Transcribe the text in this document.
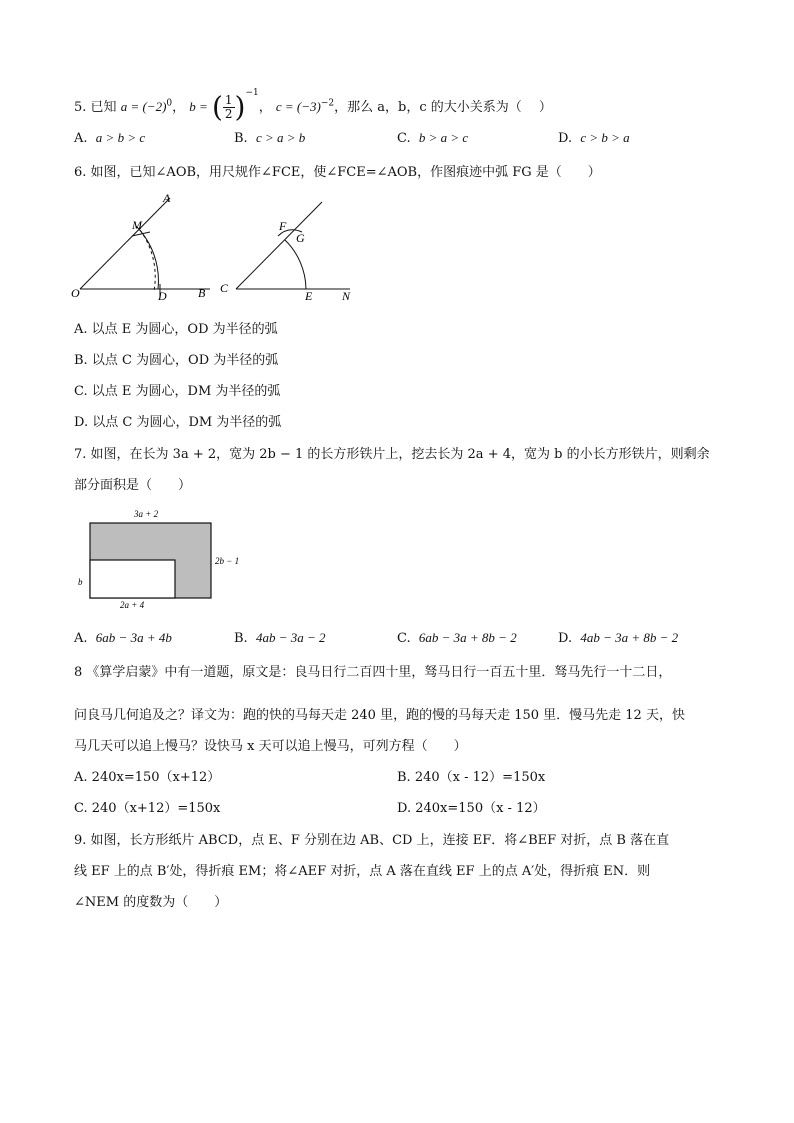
5. 已知 $a = (-2)^0$， b = ( $\frac{1}{2} )^{-1}$， $c = (-3)^{-2}$，那么 a，b，c 的大小关系为（　 ）
A. a > b > c	B. c > a > b	C. b > a > c	D. c > b > a
6. 如图，已知∠AOB，用尺规作∠FCE，使∠FCE=∠AOB，作图痕迹中弧 FG 是（　　）
A
M
O	D	B
F
G
C
E N
A. 以点 E 为圆心，OD 为半径的弧
B. 以点 C 为圆心，OD 为半径的弧
C. 以点 E 为圆心，DM 为半径的弧
D. 以点 C 为圆心，DM 为半径的弧
7. 如图，在长为 3a + 2，宽为 2b − 1 的长方形铁片上，挖去长为 2a + 4，宽为 b 的小长方形铁片，则剩余
部分面积是（　　）
3a + 2
2b − 1
b
2a + 4
A. 6ab − 3a + 4b	B. 4ab − 3a − 2	C. 6ab − 3a + 8b − 2	D. 4ab − 3a + 8b − 2
8 《算学启蒙》中有一道题，原文是：良马日行二百四十里，驽马日行一百五十里．驽马先行一十二日，
问良马几何追及之？译文为：跑的快的马每天走 240 里，跑的慢的马每天走 150 里．慢马先走 12 天，快
马几天可以追上慢马？设快马 x 天可以追上慢马，可列方程（　　）
A. 240x=150（x+12）	B. 240（x - 12）=150x
C. 240（x+12）=150x	D. 240x=150（x - 12）
9. 如图，长方形纸片 ABCD，点 E、F 分别在边 AB、CD 上，连接 EF．将∠BEF 对折，点 B 落在直
线 EF 上的点 B′处，得折痕 EM；将∠AEF 对折，点 A 落在直线 EF 上的点 A′处，得折痕 EN．则
∠NEM 的度数为（　　）
